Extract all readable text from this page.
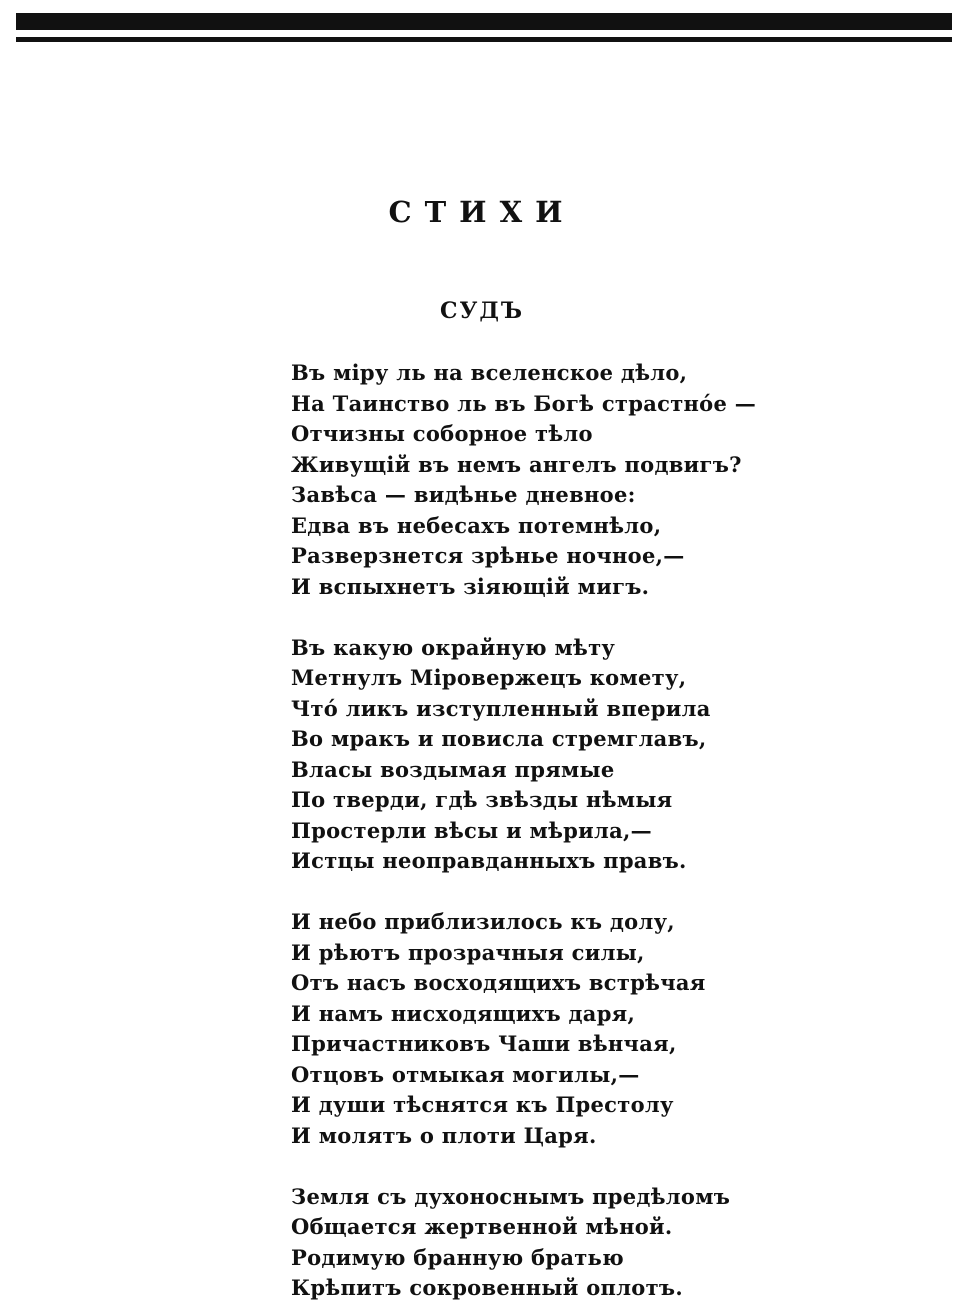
СТИХИ
СУДЪ
Въ міру ль на вселенское дѣло,
На Таинство ль въ Богѣ страстнóе —
Отчизны соборное тѣло
Живущій въ немъ ангелъ подвигъ?
Завѣса — видѣнье дневное:
Едва въ небесахъ потемнѣло,
Разверзнется зрѣнье ночное,—
И вспыхнетъ зіяющій мигъ.
Въ какую окрайную мѣту
Метнулъ Міровержецъ комету,
Чтó ликъ изступленный вперила
Во мракъ и повисла стремглавъ,
Власы воздымая прямые
По тверди, гдѣ звѣзды нѣмыя
Простерли вѣсы и мѣрила,—
Истцы неоправданныхъ правъ.
И небо приблизилось къ долу,
И рѣютъ прозрачныя силы,
Отъ насъ восходящихъ встрѣчая
И намъ нисходящихъ даря,
Причастниковъ Чаши вѣнчая,
Отцовъ отмыкая могилы,—
И души тѣснятся къ Престолу
И молятъ о плоти Царя.
Земля съ духоноснымъ предѣломъ
Общается жертвенной мѣной.
Родимую бранную братью
Крѣпитъ сокровенный оплотъ.
